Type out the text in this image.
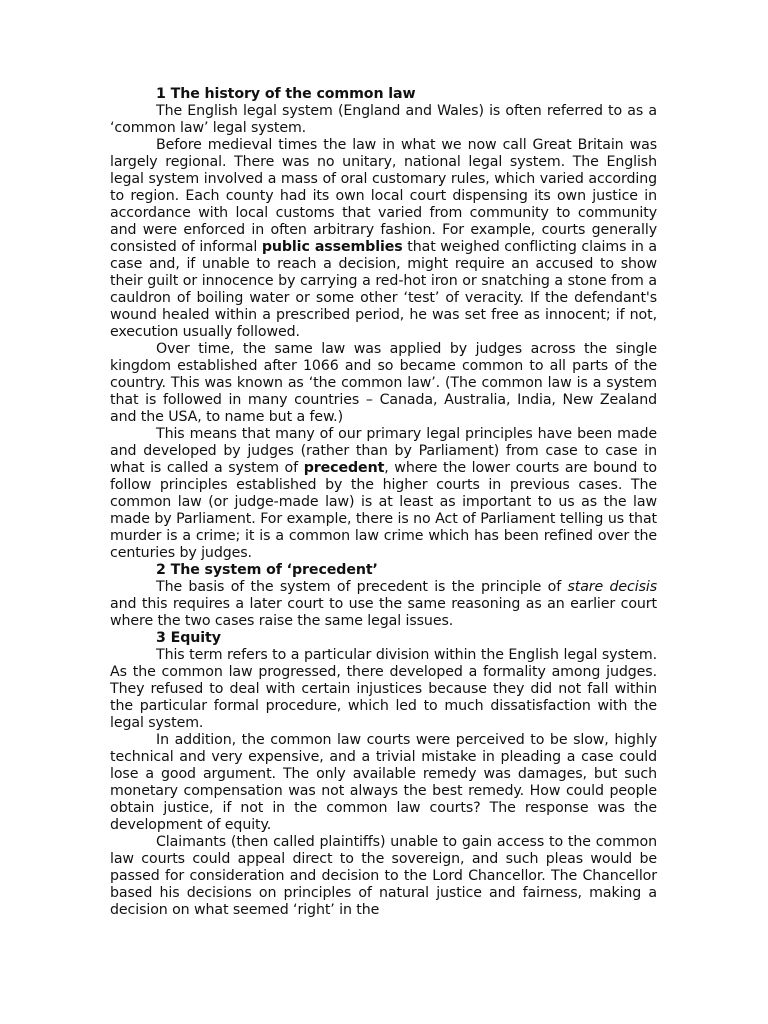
1 The history of the common law

The English legal system (England and Wales) is often referred to as a ‘common law’ legal system.

Before medieval times the law in what we now call Great Britain was largely regional. There was no unitary, national legal system. The English legal system involved a mass of oral customary rules, which varied according to region. Each county had its own local court dispensing its own justice in accordance with local customs that varied from community to community and were enforced in often arbitrary fashion. For example, courts generally consisted of informal public assemblies that weighed conflicting claims in a case and, if unable to reach a decision, might require an accused to show their guilt or innocence by carrying a red-hot iron or snatching a stone from a cauldron of boiling water or some other ‘test’ of veracity. If the defendant's wound healed within a prescribed period, he was set free as innocent; if not, execution usually followed.

Over time, the same law was applied by judges across the single kingdom established after 1066 and so became common to all parts of the country. This was known as ‘the common law’. (The common law is a system that is followed in many countries – Canada, Australia, India, New Zealand and the USA, to name but a few.)

This means that many of our primary legal principles have been made and developed by judges (rather than by Parliament) from case to case in what is called a system of precedent, where the lower courts are bound to follow principles established by the higher courts in previous cases. The common law (or judge-made law) is at least as important to us as the law made by Parliament. For example, there is no Act of Parliament telling us that murder is a crime; it is a common law crime which has been refined over the centuries by judges.

2 The system of ‘precedent’

The basis of the system of precedent is the principle of stare decisis and this requires a later court to use the same reasoning as an earlier court where the two cases raise the same legal issues.

3 Equity

This term refers to a particular division within the English legal system. As the common law progressed, there developed a formality among judges. They refused to deal with certain injustices because they did not fall within the particular formal procedure, which led to much dissatisfaction with the legal system.

In addition, the common law courts were perceived to be slow, highly technical and very expensive, and a trivial mistake in pleading a case could lose a good argument. The only available remedy was damages, but such monetary compensation was not always the best remedy. How could people obtain justice, if not in the common law courts? The response was the development of equity.

Claimants (then called plaintiffs) unable to gain access to the common law courts could appeal direct to the sovereign, and such pleas would be passed for consideration and decision to the Lord Chancellor. The Chancellor based his decisions on principles of natural justice and fairness, making a decision on what seemed ‘right’ in the
